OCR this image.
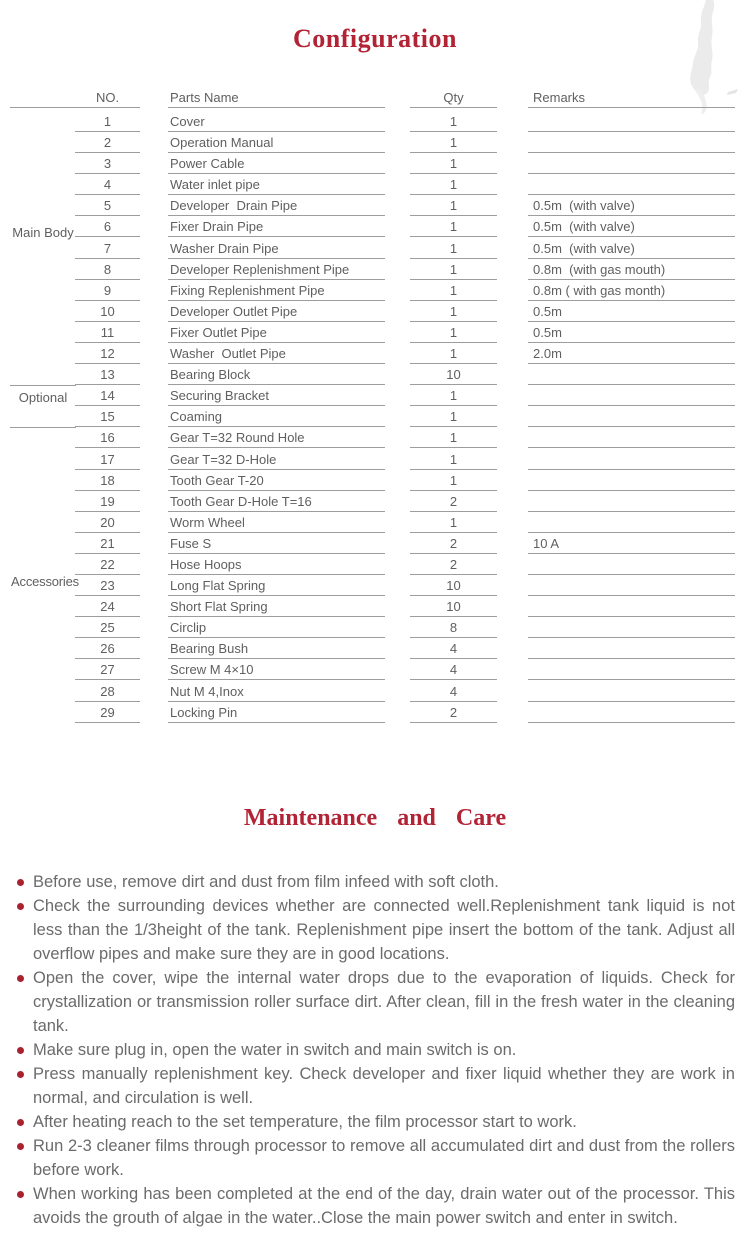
Configuration
NO.	Parts Name	Qty	Remarks
1	Cover	1
2	Operation Manual	1
3	Power Cable	1
4	Water inlet pipe	1
5	Developer  Drain Pipe	1	0.5m  (with valve)
6	Fixer Drain Pipe	1	0.5m  (with valve)
7	Washer Drain Pipe	1	0.5m  (with valve)
8	Developer Replenishment Pipe	1	0.8m  (with gas mouth)
9	Fixing Replenishment Pipe	1	0.8m ( with gas month)
10	Developer Outlet Pipe	1	0.5m
11	Fixer Outlet Pipe	1	0.5m
12	Washer  Outlet Pipe	1	2.0m
13	Bearing Block	10
14	Securing Bracket	1
15	Coaming	1
16	Gear T=32 Round Hole	1
17	Gear T=32 D-Hole	1
18	Tooth Gear T-20	1
19	Tooth Gear D-Hole T=16	2
20	Worm Wheel	1
21	Fuse S	2	10 A
22	Hose Hoops	2
23	Long Flat Spring	10
24	Short Flat Spring	10
25	Circlip	8
26	Bearing Bush	4
27	Screw M 4×10	4
28	Nut M 4,Inox	4
29	Locking Pin	2
Main Body
Optional
Accessories
Maintenance and Care
Before use, remove dirt and dust from film infeed with soft cloth.
Check the surrounding devices whether are connected well.Replenishment tank liquid is not less than the 1/3height of the tank. Replenishment pipe insert the bottom of the tank. Adjust all overflow pipes and make sure they are in good locations.
Open the cover, wipe the internal water drops due to the evaporation of liquids. Check for crystallization or transmission roller surface dirt. After clean, fill in the fresh water in the cleaning tank.
Make sure plug in, open the water in switch and main switch is on.
Press manually replenishment key. Check developer and fixer liquid whether they are work in normal, and circulation is well.
After heating reach to the set temperature, the film processor start to work.
Run 2-3 cleaner films through processor to remove all accumulated dirt and dust from the rollers before work.
When working has been completed at the end of the day, drain water out of the processor. This avoids the grouth of algae in the water..Close the main power switch and enter in switch.
